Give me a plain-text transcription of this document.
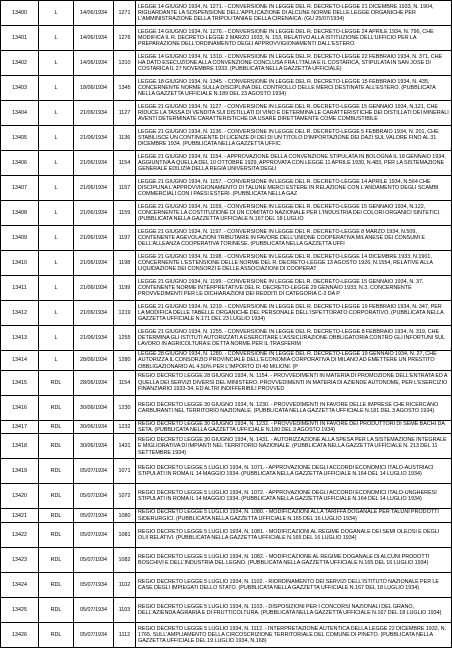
13400	L	14/06/1934	1271	LEGGE 14 GIUGNO 1934, N. 1271. - CONVERSIONE IN LEGGE DEL R. DECRETO-LEGGE 21 DICEMBRE 1933, N. 1904, RIGUARDANTE LA SOSPENSIONE DELL'APPLICAZIONE DI ALCUNE NORME DELLE LEGGE ORGANICHE PER L'AMMINISTRAZIONE DELLA TRIPOLITANIA E DELLA CIRENAICA. (GU 25/07/1934)
13401	L	14/06/1934	1276	LEGGE 14 GIUGNO 1934, N. 1276. - CONVERSIONE IN LEGGE DEL R. DECRETO-LEGGE 24 APRILE 1934, N. 796, CHE MODIFICA IL R. DECRETO-LEGGE 2 MARZO 1933, N. 153, RELATIVO ALLA ISTITUZIONE DELL'UFFICIO PER LA PREPARAZIONE DELL'ORDINAMENTO DEGLI APPROVVIGIONAMENTI DALL'ESTERO.
13402	L	14/06/1934	1310	LEGGE 14 GIUGNO 1934, N. 1310. - CONVERSIONE IN LEGGE DEL R. DECRETO-LEGGE 22 FEBBRAIO 1934, N. 371, CHE HA DATO ESECUZIONE ALLA CONVENZIONE CONCLUSA FRA L'ITALIA E IL COSTARICA, STIPULATA IN SAN JOSE DI COSTARICA IL 27 NOVEMBRE 1933. (PUBBLICATA NELLA GAZZETTA UFFICIALE)
13403	L	18/06/1934	1345	LEGGE 18 GIUGNO 1934, N. 1345. - CONVERSIONE IN LEGGE DEL R. DECRETO-LEGGE 15 FEBBRAIO 1934, N. 435, CONCERNENTE NORME SULLA DISCIPLINA DEL CONTROLLO DELLE MERCI DESTINATE ALL'ESTERO. (PUBBLICATA NELLA GAZZETTA UFFICIALE N.189 DEL 23 AGOSTO 1934)
13404	L	21/06/1934	1127	LEGGE 21 GIUGNO 1934, N. 1127. - CONVERSIONE IN LEGGE DEL R. DECRETO-LEGGE 15 GENNAIO 1934, N.121, CHE RIDUCE LA TASSA DI VENDITA SUI DISTILLATI DI VINO E DETERMINA LE CARATTERISTICHE DEI DISTILLATI DEI MINERALI AVENTI DETERMINATE CARATTERISTICHE DA USARE DIRETTAMENTE COME COMBUSTIBILE
13405	L	21/06/1934	1136	LEGGE 21 GIUGNO 1934, N. 1136. - CONVERSIONE IN LEGGE DEL R. DECRETO-LEGGE 5 FEBBRAIO 1934, N. 201, CHE STABILISCE UN CONTINGENTE DI LICENZE DI DEI DI UN TITOLO D'IMPORTAZIONE DEI DAZI SUL VALORE FINO AL 31 DICEMBRE 1934. (PUBBLICATA NELLA GAZZETTA UFFIC
13406	L	21/06/1934	1154	LEGGE 21 GIUGNO 1934, N. 1154. - APPROVAZIONE DELLA CONVENZIONE STIPULATA IN BOLOGNA IL 18 GENNAIO 1934, AGGIUNTIVA A QUELLA DEL 10 OTTOBRE 1929, APPROVATA CON LEGGE 11 APRILE 1930, N.483, PER LA SISTEMAZIONE GENERALE EDILIZIA DELLA REGIA UNIVERSITA DEGLI
13407	L	21/06/1934	1157	LEGGE 21 GIUGNO 1934, N. 1157. - CONVERSIONE IN LEGGE DEL R. DECRETO-LEGGE 14 APRILE 1934, N.564 CHE DISCIPLINA L'APPROVVIGIONAMENTO DI TALUNE MERCI ESTERE IN RELAZIONE CON L'ANDAMENTO DEGLI SCAMBI COMMERCIALI CON I PAESI ESTERI. (PUBBLICATA NELLA GAZ
13408	L	21/06/1934	1159	LEGGE 21 GIUGNO 1934, N. 1159. - CONVERSIONE IN LEGGE DEL R. DECRETO-LEGGE 15 GENNAIO 1934, N.122, CONCERNENTE LA COSTITUZIONE DI UN COMITATO NAZIONALE PER L'INDUSTRIA DEI COLORI ORGANICI SINTETICI. (PUBBLICATA NELLA GAZZETTA UFFICIALE N.167 DEL 18 LUGLIO
13409	L	21/06/1934	1197	LEGGE 21 GIUGNO 1934, N. 1197. - CONVERSIONE IN LEGGE DEL R. DECRETO-LEGGE 8 MARZO 1934, N.509, CONTENENTE AGEVOLAZIONI TRIBUTARIE IN FAVORE DELL'UNIONE COOPERATIVA MILANESE DEI CONSUMI E DELL'ALLEANZA COOPERATIVA TORINESE. (PUBBLICATA NELLA GAZZETTA UFFI
13410	L	21/06/1934	1198	LEGGE 21 GIUGNO 1934, N. 1198. - CONVERSIONE IN LEGGE DEL R. DECRETO-LEGGE 14 DICEMBRE 1933, N.1901, CONCERNENTE L'ESTENSIONE DELLE NORME DEL R. DECRETO-LEGGE 13 AGOSTO 1926, N.1554, RELATIVE ALLA LIQUIDAZIONE DEI CONSORZI E DELLE ASSOCIAZIONI DI COOPERAT
13411	L	21/06/1934	1199	LEGGE 21 GIUGNO 1934, N. 1199. - CONVERSIONE IN LEGGE DEL R. DECRETO-LEGGE 15 GENNAIO 1934, N. 37, CONTENENTE NORME INTERPRETATIVE DEL R. DECRETO-LEGGE 29 GENNAIO 1933, N.3, CONCERNENTE PROVVEDIMENTI PER LE DICHIARAZIONI DEI REDDITI DI CATEGORIA C-2 DA P
13412	L	21/06/1934	1219	LEGGE 21 GIUGNO 1934, N. 1219. - CONVERSIONE IN LEGGE DEL R. DECRETO-LEGGE 19 FEBBRAIO 1934, N. 347, PER LA MODIFICA DELLE TABELLE ORGANICHE DEL PERSONALE DELL'ISPETTORATO CORPORATIVO. (PUBBLICATA NELLA GAZZETTA UFFICIALE N.171 DEL 23 LUGLIO 1934)
13413	L	21/06/1934	1255	LEGGE 21 GIUGNO 1934, N. 1255. - CONVERSIONE IN LEGGE DEL R. DECRETO-LEGGE 8 FEBBRAIO 1934, N. 319, CHE DETERMINA GLI ISTITUTI AUTORIZZATI A ESERCITARE L'ASSICURAZIONE OBBLIGATORIA CONTRO GLI INFORTUNI SUL LAVORO IN AGRICOLTURA E DETTA NORME PER IL TRASFERIM
13414	L	28/06/1934	1280	LEGGE 28 GIUGNO 1934, N. 1280. - CONVERSIONE IN LEGGE DEL R. DECRETO-LEGGE 19 GENNAIO 1934, N. 27, CHE AUTORIZZA IL CONSORZIO PROVINCIALE DELL'ECONOMIA CORPORATIVA DI MILANO AD EMETTERE UN PRESTITO OBBLIGAZIONARIO AL 4,50% PER L'IMPORTO DI 40 MILIONI. (P
13415	RDL	28/06/1934	1154	REGIO DECRETO LEGGE 28 GIUGNO 1934, N. 1154. - PROVVEDIMENTI IN MATERIA DI PROMOZIONE DELL'ENTRATA ED A QUELLA DEI SERVIZI DIVERSI DEL MINISTERO. PROVVEDIMENTI IN MATERIA DI AZIENDE AUTONOME, PER L'ESERCIZIO FINANZIARIO 1933-34, ED ALTRI INDIFFERIBILI PROVVED
13416	RDL	30/06/1934	1230	REGIO DECRETO LEGGE 30 GIUGNO 1934, N. 1230. - PROVVEDIMENTI IN FAVORE DELLE IMPRESE CHE RICERCANO CARBURANTI NEL TERRITORIO NAZIONALE. (PUBBLICATA NELLA GAZZETTA UFFICIALE N.181 DEL 3 AGOSTO 1934)
13417	RDL	30/06/1934	1232	REGIO DECRETO LEGGE 30 GIUGNO 1934, N. 1232. - PROVVEDIMENTI IN FAVORE DEI PRODUTTORI DI SEME BACHI DA SETA. (PUBBLICATA NELLA GAZZETTA UFFICIALE N.180 DEL 3 AGOSTO 1934)
13418	RDL	30/06/1934	1431	REGIO DECRETO LEGGE 30 GIUGNO 1934, N. 1431. - AUTORIZZAZIONE ALLA SPESA PER LA SISTEMAZIONE INTEGRALE E MIGLIORATIVA DI IMPIANTI NEL TERRITORIO NAZIONALE. (PUBBLICATA NELLA GAZZETTA UFFICIALE N. 213 DEL 11 SETTEMBRE 1934)
13419	RDL	05/07/1934	1071	REGIO DECRETO LEGGE 5 LUGLIO 1934, N. 1071. - APPROVAZIONE DEGLI ACCORDI ECONOMICI ITALO-AUSTRIACI STIPULATI IN ROMA IL 14 MAGGIO 1934. (PUBBLICATA NELLA GAZZETTA UFFICIALE N.164 DEL 14 LUGLIO 1934)
13420	RDL	05/07/1934	1072	REGIO DECRETO LEGGE 5 LUGLIO 1934, N. 1072. - APPROVAZIONE DEGLI ACCORDI ECONOMICI ITALO-UNGHERESI STIPULATI IN ROMA IL 14 MAGGIO 1934. (PUBBLICATA NELLA GAZZETTA UFFICIALE N.164 DEL 14 LUGLIO 1934)
13421	RDL	05/07/1934	1080	REGIO DECRETO LEGGE 5 LUGLIO 1934, N. 1080. - MODIFICAZIONI ALLA TARIFFA DOGANALE PER TALUNI PRODOTTI SIDERURGICI. (PUBBLICATA NELLA GAZZETTA UFFICIALE N.165 DEL 16 LUGLIO 1934)
13422	RDL	05/07/1934	1081	REGIO DECRETO LEGGE 5 LUGLIO 1934, N. 1081. - MODIFICAZIONI AL REGIME DOGANALE DEI SEMI OLEOSI E DEGLI OLII RELATIVI. (PUBBLICATA NELLA GAZZETTA UFFICIALE N.165 DEL 16 LUGLIO 1934)
13423	RDL	05/07/1934	1082	REGIO DECRETO LEGGE 5 LUGLIO 1934, N. 1082. - MODIFICAZIONE AL REGIME DOGANALE DI ALCUNI PRODOTTI BOSCHIVI E DELL'INDUSTRIA DEL LEGNO. (PUBBLICATA NELLA GAZZETTA UFFICIALE N.165 DEL 16 LUGLIO 1934)
13424	RDL	05/07/1934	1102	REGIO DECRETO LEGGE 5 LUGLIO 1934, N. 1102. - RIORDINAMENTO DEI SERVIZI DELL'ISTITUTO NAZIONALE PER LE CASE DEGLI IMPIEGATI DELLO STATO. (PUBBLICATA NELLA GAZZETTA UFFICIALE N.167 DEL 18 LUGLIO 1934)
13425	RDL	05/07/1934	1103	REGIO DECRETO LEGGE 5 LUGLIO 1934, N. 1103. - DISPOSIZIONI PER I CONCORSI NAZIONALI DEL GRANO, DELL'AZIENDA AGRARIA E DI FRUTTICOLTURA. (PUBBLICATA NELLA GAZZETTA UFFICIALE N.167 DEL 18 LUGLIO 1934)
13426	RDL	05/07/1934	1112	REGIO DECRETO LEGGE 5 LUGLIO 1934, N. 1112. - INTERPRETAZIONE AUTENTICA DELLA LEGGE 22 DICEMBRE 1932, N. 1765, SULL'AMPLIAMENTO DELLA CIRCOSCRIZIONE TERRITORIALE DEL COMUNE DI PINETO. (PUBBLICATA NELLA GAZZETTA UFFICIALE DEL 19 LUGLIO 1934, N.168)
